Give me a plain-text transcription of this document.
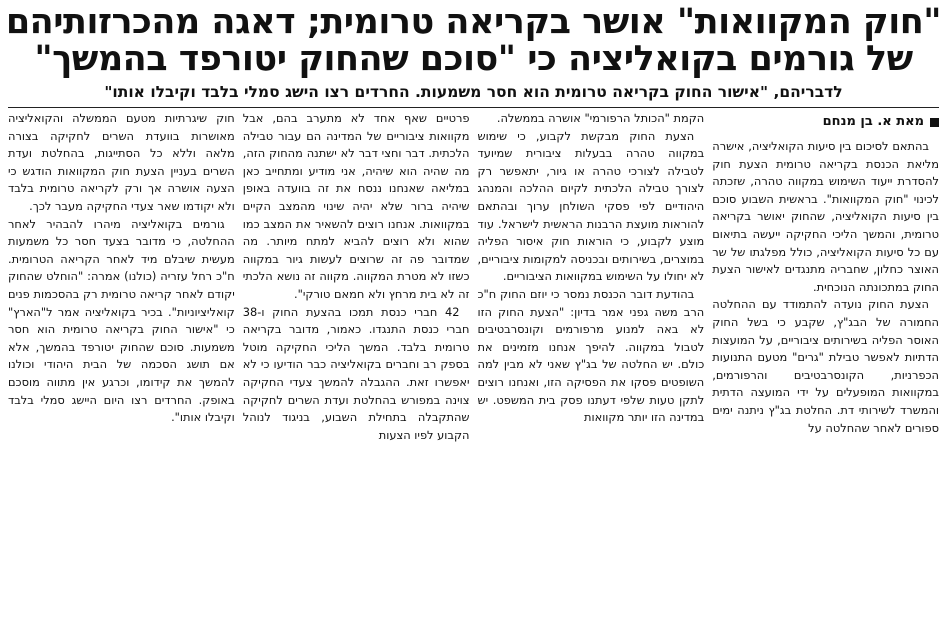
"חוק המקוואות" אושר בקריאה טרומית; דאגה מהכרזותיהם
של גורמים בקואליציה כי "סוכם שהחוק יטורפד בהמשך"
לדבריהם, "אישור החוק בקריאה טרומית הוא חסר משמעות. החרדים רצו הישג סמלי בלבד וקיבלו אותו"
מאת א. בן מנחם

בהתאם לסיכום בין סיעות הקואליציה, אישרה מליאת הכנסת בקריאה טרומית הצעת חוק להסדרת ייעוד השימוש במקווה טהרה, שזכתה לכינוי "חוק המקוואות". בראשית השבוע סוכם בין סיעות הקואליציה, שהחוק יאושר בקריאה טרומית, והמשך הליכי החקיקה ייעשה בתיאום עם כל סיעות הקואליציה, כולל מפלגתו של שר האוצר כחלון, שחבריה מתנגדים לאישור הצעת החוק במתכונתה הנוכחית.

הצעת החוק נועדה להתמודד עם ההחלטה החמורה של הבג"ץ, שקבע כי בשל החוק האוסר הפליה בשירותים ציבוריים, על המועצות הדתיות לאפשר טבילת "גרים" מטעם התנועות הכפרניות, הקונסרבטיבים והרפורמים, במקוואות המופעלים על ידי המועצה הדתית והמשרד לשירותי דת. החלטת בג"ץ ניתנה ימים ספורים לאחר שהחלטה על

הקמת "הכותל הרפורמי" אושרה בממשלה.

הצעת החוק מבקשת לקבוע, כי שימוש במקווה טהרה בבעלות ציבורית שמיועד לטבילה לצורכי טהרה או גיור, יתאפשר רק לצורך טבילה הלכתית לקיום ההלכה והמנהג היהודיים לפי פסקי השולחן ערוך ובהתאם להוראות מועצת הרבנות הראשית לישראל. עוד מוצע לקבוע, כי הוראות חוק איסור הפליה במוצרים, בשירותים ובכניסה למקומות ציבוריים, לא יחולו על השימוש במקוואות הציבוריים.

בהודעת דובר הכנסת נמסר כי יוזם החוק ח"כ הרב משה גפני אמר בדיון: "הצעת החוק הזו לא באה למנוע מרפורמים וקונסרבטיבים לטבול במקווה. להיפך אנחנו מזמינים את כולם. יש החלטה של בג"ץ שאני לא מבין למה השופטים פסקו את הפסיקה הזו, ואנחנו רוצים לתקן טעות שלפי דעתנו פסק בית המשפט. יש במדינה הזו יותר מקוואות

פרטיים שאף אחד לא מתערב בהם, אבל מקוואות ציבוריים של המדינה הם עבור טבילה הלכתית. דבר וחצי דבר לא ישתנה מהחוק הזה, מה שהיה הוא שיהיה, אני מודיע ומתחייב כאן במליאה שאנחנו ננסח את זה בוועדה באופן שיהיה ברור שלא יהיה שינוי מהמצב הקיים במקוואות. אנחנו רוצים להשאיר את המצב כמו שהוא ולא רוצים להביא למתח מיותר. מה שמדובר פה זה שרוצים לעשות גיור במקווה כשזו לא מטרת המקווה. מקווה זה נושא הלכתי זה לא בית מרחץ ולא חמאם טורקי".

42 חברי כנסת תמכו בהצעת החוק ו-38 חברי כנסת התנגדו. כאמור, מדובר בקריאה טרומית בלבד. המשך הליכי החקיקה מוטל בספק רב וחברים בקואליציה כבר הודיעו כי לא יאפשרו זאת. ההגבלה להמשך צעדי החקיקה צוינה במפורש בהחלטת ועדת השרים לחקיקה שהתקבלה בתחילת השבוע, בניגוד לנוהל הקבוע לפיו הצעות

חוק שיגרתיות מטעם הממשלה והקואליציה מאושרות בוועדת השרים לחקיקה בצורה מלאה וללא כל הסתייגות, בהחלטת ועדת השרים בעניין הצעת חוק המקוואות הודגש כי הצעה אושרה אך ורק לקריאה טרומית בלבד ולא יקודמו שאר צעדי החקיקה מעבר לכך.

גורמים בקואליציה מיהרו להבהיר לאחר ההחלטה, כי מדובר בצעד חסר כל משמעות מעשית שיבלם מיד לאחר הקריאה הטרומית. ח"כ רחל עזריה (כולנו) אמרה: "הוחלט שהחוק יקודם לאחר קריאה טרומית רק בהסכמות פנים קואליציוניות". בכיר בקואליציה אמר ל"הארץ" כי "אישור החוק בקריאה טרומית הוא חסר משמעות. סוכם שהחוק יטורפד בהמשך, אלא אם תושג הסכמה של הבית היהודי וכולנו להמשך את קידומו, וכרגע אין מתווה מוסכם באופק. החרדים רצו היום היישג סמלי בלבד וקיבלו אותו".
